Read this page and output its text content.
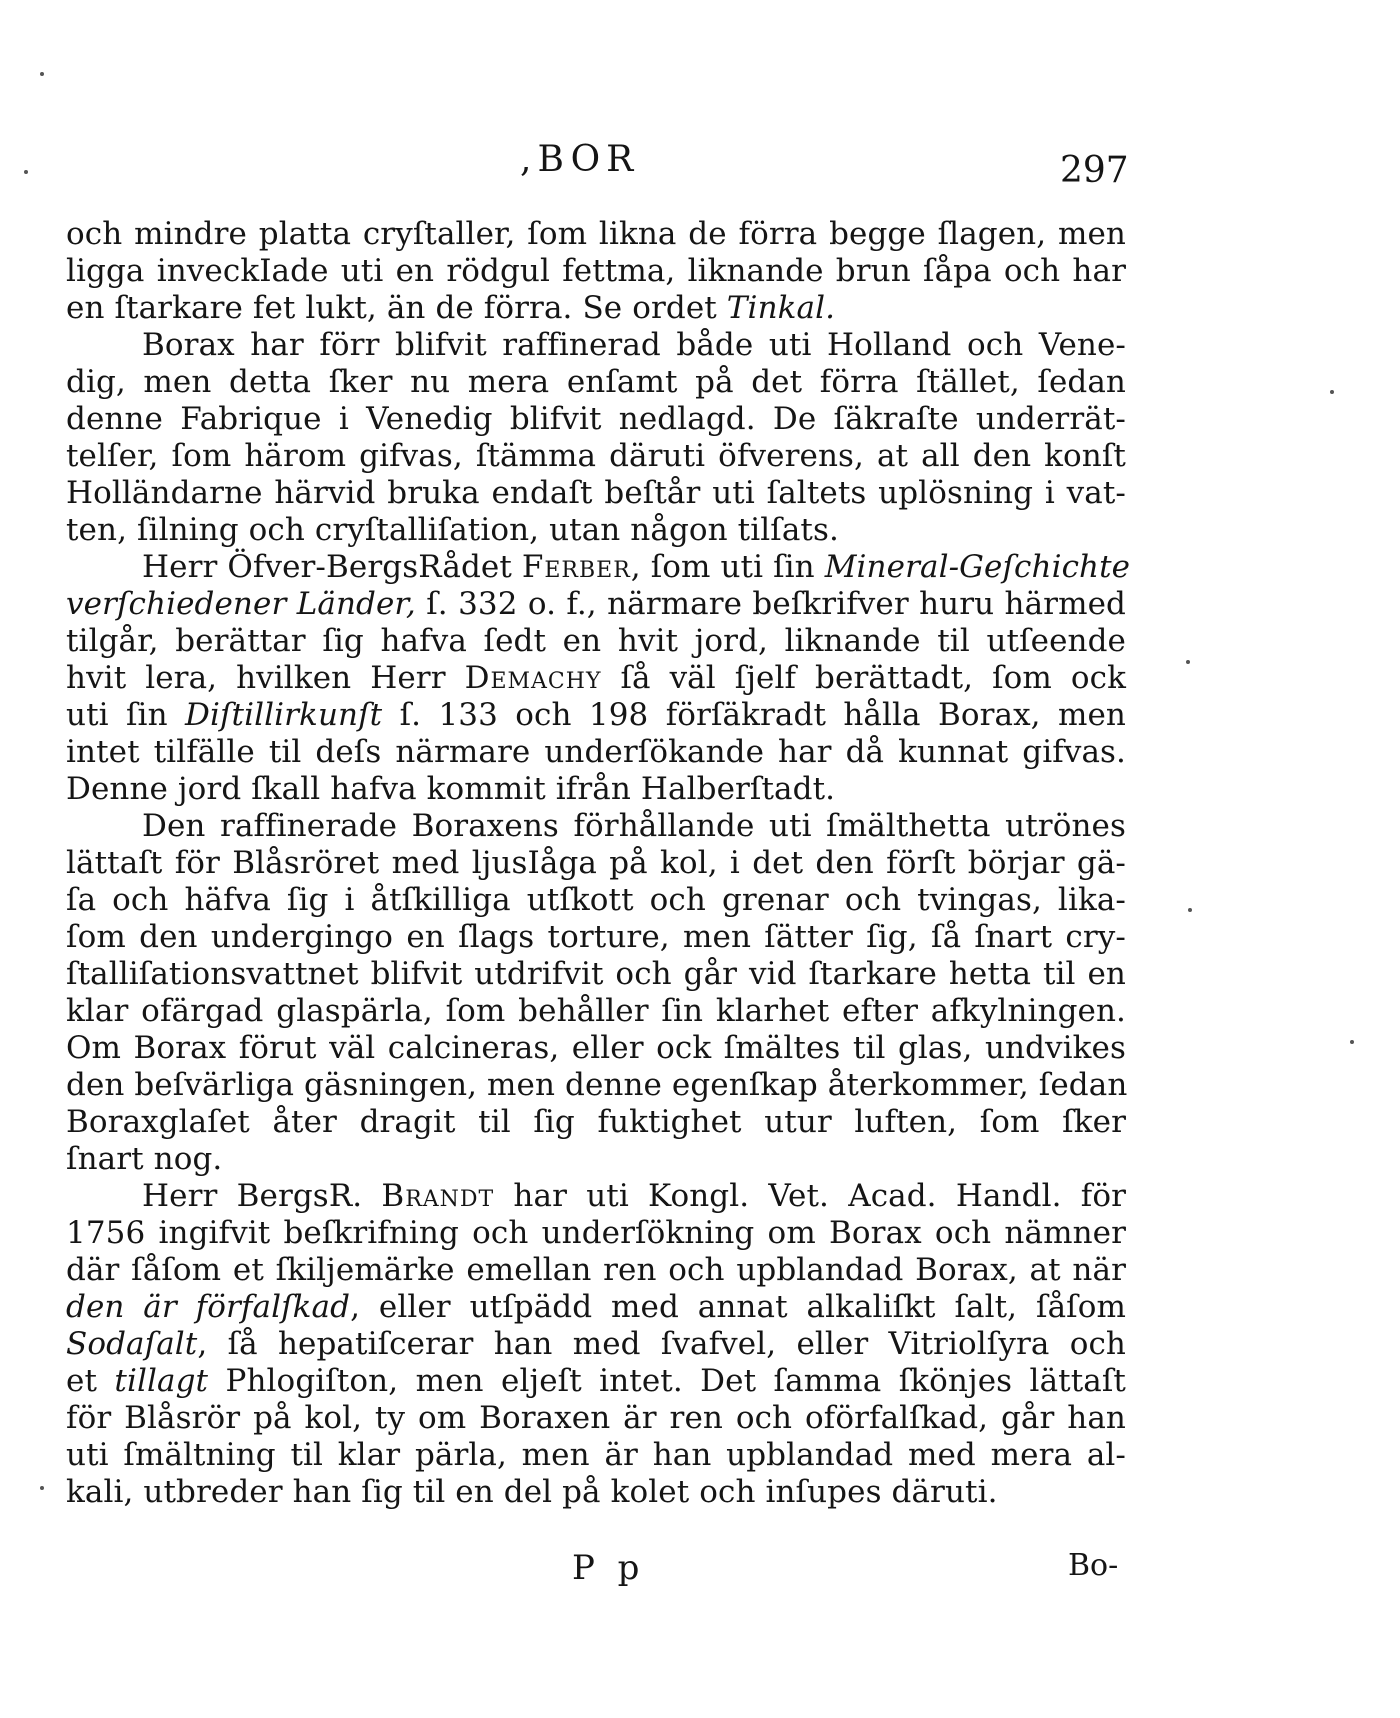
,BOR	297
och mindre platta cryſtaller, ſom likna de förra begge ſlagen, men
ligga inveckIade uti en rödgul fettma, liknande brun ſåpa och har
en ſtarkare fet lukt, än de förra. Se ordet Tinkal.
Borax har förr blifvit raffinerad både uti Holland och Vene-
dig, men detta ſker nu mera enſamt på det förra ſtället, ſedan
denne Fabrique i Venedig blifvit nedlagd. De ſäkraſte underrät-
telſer, ſom härom gifvas, ſtämma däruti öfverens, at all den konſt
Holländarne härvid bruka endaſt beſtår uti ſaltets uplösning i vat-
ten, ſilning och cryſtalliſation, utan någon tilſats.
Herr Öfver-BergsRådet Ferber, ſom uti ſin Mineral-Geſchichte
verſchiedener Länder, ſ. 332 o. f., närmare beſkrifver huru härmed
tilgår, berättar ſig hafva ſedt en hvit jord, liknande til utſeende
hvit lera, hvilken Herr Demachy ſå väl ſjelf berättadt, ſom ock
uti ſin Diſtillirkunſt ſ. 133 och 198 förſäkradt hålla Borax, men
intet tilfälle til deſs närmare underſökande har då kunnat gifvas.
Denne jord ſkall hafva kommit ifrån Halberſtadt.
Den raffinerade Boraxens förhållande uti ſmälthetta utrönes
lättaſt för Blåsröret med ljusIåga på kol, i det den förſt börjar gä-
ſa och häfva ſig i åtſkilliga utſkott och grenar och tvingas, lika-
ſom den undergingo en ſlags torture, men ſätter ſig, ſå ſnart cry-
ſtalliſationsvattnet blifvit utdrifvit och går vid ſtarkare hetta til en
klar ofärgad glaspärla, ſom behåller ſin klarhet efter afkylningen.
Om Borax förut väl calcineras, eller ock ſmältes til glas, undvikes
den beſvärliga gäsningen, men denne egenſkap återkommer, ſedan
Boraxglaſet åter dragit til ſig fuktighet utur luften, ſom ſker
ſnart nog.
Herr BergsR. Brandt har uti Kongl. Vet. Acad. Handl. för
1756 ingifvit beſkrifning och underſökning om Borax och nämner
där ſåſom et ſkiljemärke emellan ren och upblandad Borax, at när
den är förfalſkad, eller utſpädd med annat alkaliſkt ſalt, ſåſom
Sodaſalt, ſå hepatiſcerar han med ſvafvel, eller Vitriolſyra och
et tillagt Phlogiſton, men eljeſt intet. Det ſamma ſkönjes lättaſt
för Blåsrör på kol, ty om Boraxen är ren och oförfalſkad, går han
uti ſmältning til klar pärla, men är han upblandad med mera al-
kali, utbreder han ſig til en del på kolet och inſupes däruti.
P p	Bo-
